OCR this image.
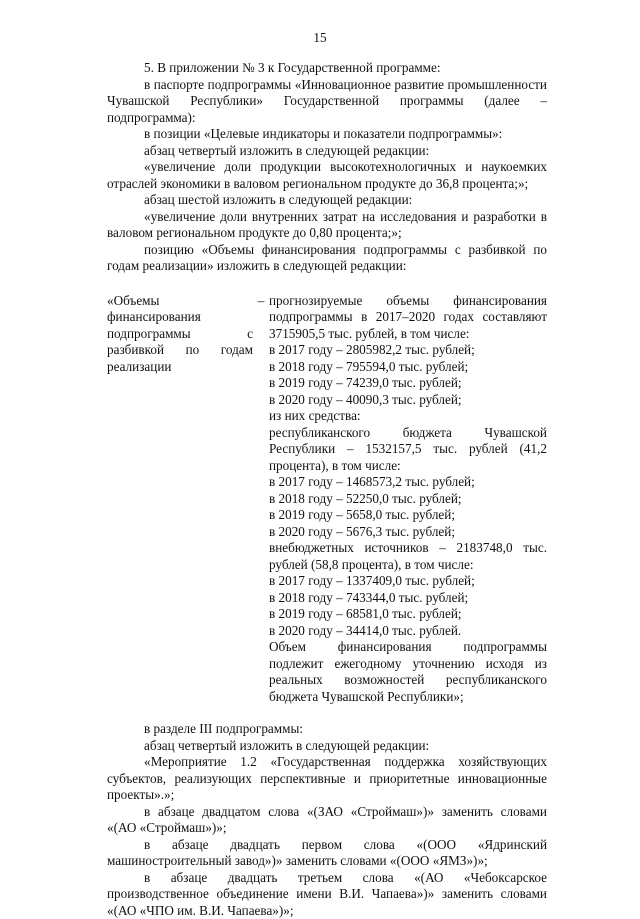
15

5. В приложении № 3 к Государственной программе:

в паспорте подпрограммы «Инновационное развитие промышленности Чувашской Республики» Государственной программы (далее – подпрограмма):

в позиции «Целевые индикаторы и показатели подпрограммы»:

абзац четвертый изложить в следующей редакции:

«увеличение доли продукции высокотехнологичных и наукоемких отраслей экономики в валовом региональном продукте до 36,8 процента;»;

абзац шестой изложить в следующей редакции:

«увеличение доли внутренних затрат на исследования и разработки в валовом региональном продукте до 0,80 процента;»;

позицию «Объемы финансирования подпрограммы с разбивкой по годам реализации» изложить в следующей редакции:

«Объемы финансирования подпрограммы с разбивкой по годам реализации
– прогнозируемые объемы финансирования подпрограммы в 2017–2020 годах составляют 3715905,5 тыс. рублей, в том числе:

в 2017 году – 2805982,2 тыс. рублей;

в 2018 году – 795594,0 тыс. рублей;

в 2019 году – 74239,0 тыс. рублей;

в 2020 году – 40090,3 тыс. рублей;

из них средства:

республиканского бюджета Чувашской Республики – 1532157,5 тыс. рублей (41,2 процента), в том числе:

в 2017 году – 1468573,2 тыс. рублей;

в 2018 году – 52250,0 тыс. рублей;

в 2019 году – 5658,0 тыс. рублей;

в 2020 году – 5676,3 тыс. рублей;

внебюджетных источников – 2183748,0 тыс. рублей (58,8 процента), в том числе:

в 2017 году – 1337409,0 тыс. рублей;

в 2018 году – 743344,0 тыс. рублей;

в 2019 году – 68581,0 тыс. рублей;

в 2020 году – 34414,0 тыс. рублей.

Объем финансирования подпрограммы подлежит ежегодному уточнению исходя из реальных возможностей республиканского бюджета Чувашской Республики»;

в разделе III подпрограммы:

абзац четвертый изложить в следующей редакции:

«Мероприятие 1.2 «Государственная поддержка хозяйствующих субъектов, реализующих перспективные и приоритетные инновационные проекты».»;

в абзаце двадцатом слова «(ЗАО «Строймаш»)» заменить словами «(АО «Строймаш»)»;

в абзаце двадцать первом слова «(ООО «Ядринский машиностроительный завод»)» заменить словами «(ООО «ЯМЗ»)»;

в абзаце двадцать третьем слова «(АО «Чебоксарское производственное объединение имени В.И. Чапаева»)» заменить словами «(АО «ЧПО им. В.И. Чапаева»)»;
